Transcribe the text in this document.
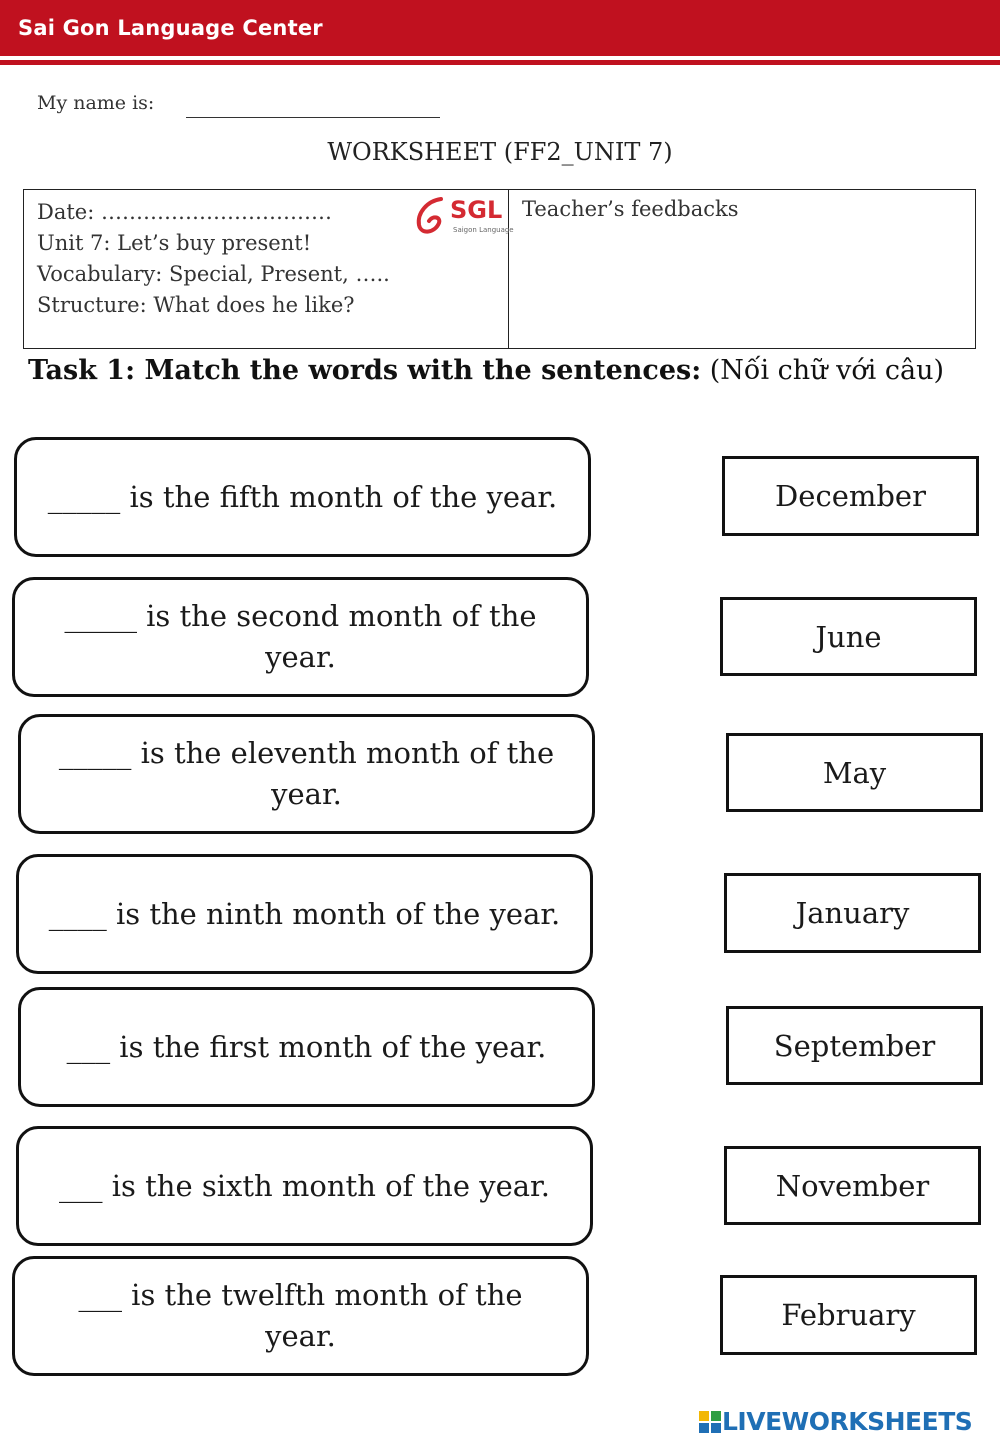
Sai Gon Language Center
My name is:
WORKSHEET (FF2_UNIT 7)
Date: ……………………………
Unit 7: Let’s buy present!
Vocabulary: Special, Present, …..
Structure: What does he like?
Teacher’s feedbacks
SGL
Saigon Language
Task 1: Match the words with the sentences: (Nối chữ với câu)
_____ is the fifth month of the year.
_____ is the second month of the year.
_____ is the eleventh month of the year.
____ is the ninth month of the year.
___ is the first month of the year.
___ is the sixth month of the year.
___ is the twelfth month of the year.
December
June
May
January
September
November
February
LIVEWORKSHEETS
